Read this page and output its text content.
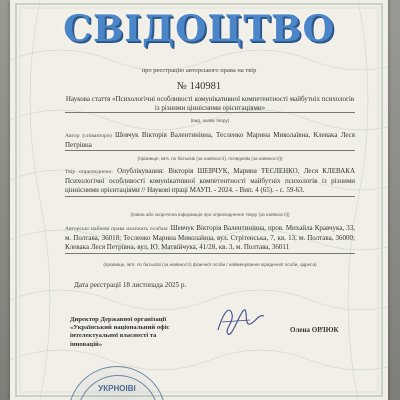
СВІДОЦТВО
про реєстрацію авторського права на твір
№ 140981
Наукова стаття «Психологічні особливості комунікативної компетентності майбутніх психологів із різними ціннісними орієнтаціями»
(вид, назва твору)
Автор (співавтори) Шевчук Вікторія Валентинівна, Тесленко Марина Миколаївна, Клевака Леся Петрівна
(прізвище, ім'я, по батькові (за наявності), псевдонім (за наявності))
Твір оприлюднено: Опублікування: Вікторія ШЕВЧУК, Марина ТЕСЛЕНКО, Леся КЛЕВАКА Психологічні особливості комунікативної компетентності майбутніх психологів із різними ціннісними орієнтаціями // Наукові праці МАУП. - 2024. - Вип. 4 (65). - с. 59-63.
(повна або скорочена інформація про оприлюднення твору (за наявності))
Авторські майнові права належать особам: Шевчук Вікторія Валентинівна, пров. Михайла Кравчука, 33, м. Полтава, 36018; Тесленко Марина Миколаївна, вул. Стрітенська, 7, кв. 13, м. Полтава, 36000; Клевака Леся Петрівна, вул. Ю. Матвійчука, 41/28, кв. 3, м. Полтава, 36011
(прізвище, ім'я, по батькові (за наявності) фізичної особи / найменування юридичної особи, адреса)
Дата реєстрації 18 листопада 2025 р.
Директор Державної організації «Український національний офіс інтелектуальної власності та інновацій»
Олена ОРЛЮК
УКРНОІВІ
